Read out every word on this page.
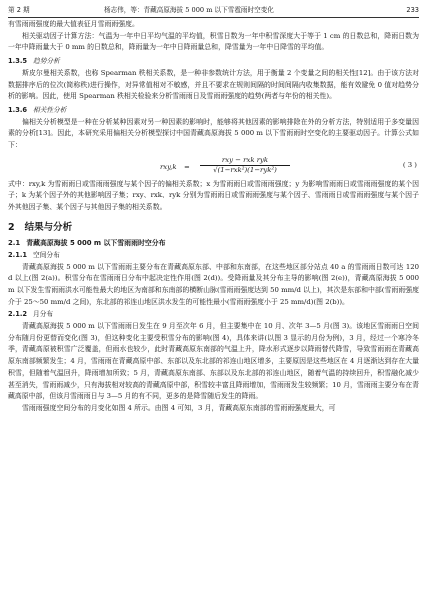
第 2 期	杨志伟，等：青藏高原海拔 5 000 m 以下雪雹雨时空变化	233

有雪雨雨强度的最大值表征月雪雨雨强度。

相关驱动因子计算方法：气温为一年中日平均气温的平均值，积雪日数为一年中积雪深度大于等于 1 cm 的日数总和，降雨日数为一年中降雨量大于 0 mm 的日数总和，降雨量为一年中日降雨量总和，降雪量为一年中日降雪的平均值。

1.3.5 趋势分析

斯皮尔曼相关系数，也称 Spearman 秩相关系数，是一种非参数统计方法，用于衡量 2 个变量之间的相关性[12]。由于该方法对数据排序后的位次(简称秩)进行操作，对异常值相对不敏感，并且不要求在规则间隔的时间间隔内收集数据，能有效避免 0 值对趋势分析的影响。因此，使用 Spearman 秩相关检验来分析雪雨雨日及雪雨雨强度的趋势(两者与年份的相关性)。

1.3.6 相关性分析

偏相关分析模型是一种在分析某种因素对另一种因素的影响时，能够将其他因素的影响排除在外的分析方法，特别适用于多变量因素的分析[13]。因此，本研究采用偏相关分析模型探讨中国青藏高原海拔 5 000 m 以下雪雨雨时空变化的主要驱动因子。计算公式如下：

rxy,k =
rxy − rxk ryk
√(1−rxk²)(1−ryk²)
( 3 )

式中：rxy,k 为雪雨雨日或雪雨雨强度与某个因子的偏相关系数；x 为雪雨雨日或雪雨雨强度；y 为影响雪雨雨日或雪雨雨强度的某个因子；k 为某个因子外的其他影响因子集；rxy、rxk、ryk 分别为雪雨雨日或雪雨雨强度与某个因子、雪雨雨日或雪雨雨强度与某个因子外其他因子集、某个因子与其他因子集的相关系数。

2 结果与分析
2.1 青藏高原海拔 5 000 m 以下雪雨雨时空分布
2.1.1 空间分布

青藏高原海拔 5 000 m 以下雪雨雨主要分布在青藏高原东部、中部和东南部，在这些地区部分站点 40 a 的雪雨雨日数可达 120 d 以上(图 2(a))。积雪分布在雪雨雨日分布中起决定性作用(图 2(d))。受降雨量及其分布主导的影响(图 2(e))，青藏高原海拔 5 000 m 以下发生雪雨雨洪水可能性最大的地区为南部和东南部的横断山脉(雪雨雨强度达到 50 mm/d 以上)，其次是东部和中部(雪雨雨强度介于 25～50 mm/d 之间)，东北部的祁连山地区洪水发生的可能性最小(雪雨雨强度小于 25 mm/d)(图 2(b))。

2.1.2 月分布

青藏高原海拔 5 000 m 以下雪雨雨日发生在 9 月至次年 6 月，但主要集中在 10 月、次年 3—5 月(图 3)。该地区雪雨雨日空间分布随月份更替而变化(图 3)，但这种变化主要受积雪分布的影响(图 4)，具体来讲(以图 3 显示的月份为例)，3 月，经过一个寒冷冬季，青藏高原被积雪广泛覆盖，但雨水也较少，此时青藏高原东南部的气温上升，降水形式逐步以降雨替代降雪，导致雪雨雨在青藏高原东南部频繁发生；4 月，雪雨雨在青藏高原中部、东部以及东北部的祁连山地区增多，主要原因是这些地区在 4 月逐渐达到存在大量积雪，但随着气温回升，降雨增加所致；5 月，青藏高原东南部、东部以及东北部的祁连山地区，随着气温的持续回升，积雪融化减少甚至消失，雪雨雨减少，只有海拔相对较高的青藏高原中部，积雪较丰富且降雨增加，雪雨雨发生较频繁；10 月，雪雨雨主要分布在青藏高原中部，但该月雪雨雨日与 3—5 月的有不同，更多的是降雪随后发生的降雨。

雪雨雨强度空间分布的月变化如图 4 所示。由图 4 可知，3 月，青藏高原东南部的雪雨雨强度最大，可
